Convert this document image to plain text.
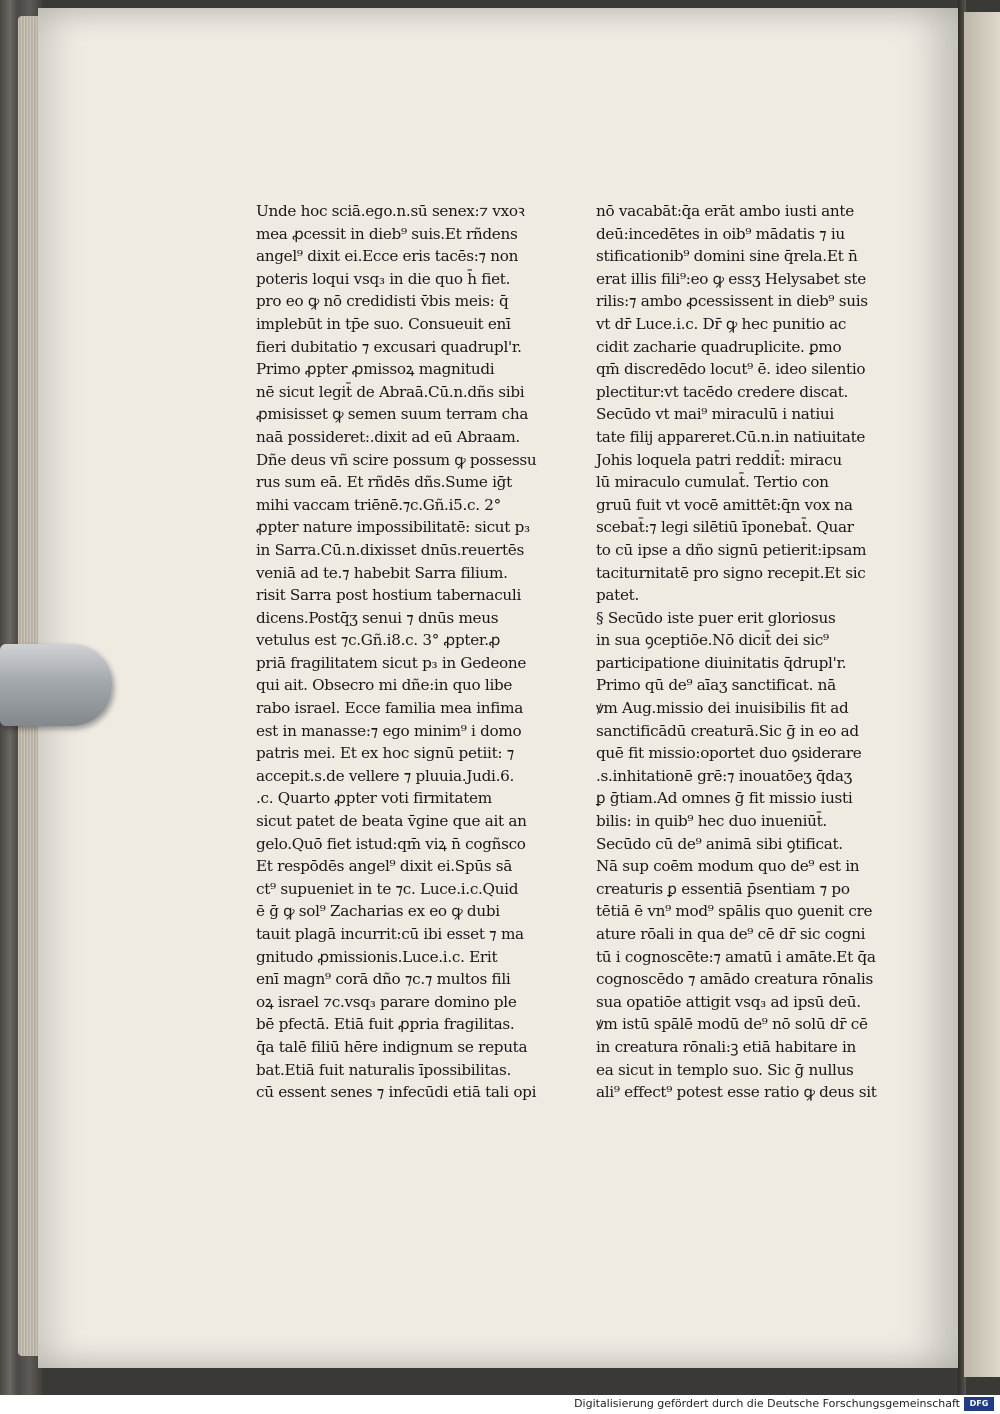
Unde hoc sciā.ego.n.sū senex:⁊ vxoꝛ
mea ꝓcessit in dieb⁹ suis.Et rñdens
angel⁹ dixit ei.Ecce eris tacēs:⁊ non
poteris loqui vsq₃ in die quo h̄ fiet.
pro eo ꝙ nō credidisti v̄bis meis: q̄
implebūt in tp̄e suo. Consueuit enī
fieri dubitatio ⁊ excusari quadrupl'r.
Primo ꝓpter ꝓmissoꝝ magnitudi
nē sicut legit̄ de Abraā.Cū.n.dñs sibi
ꝓmisisset ꝙ semen suum terram cha
naā possideret:.dixit ad eū Abraam.
Dñe deus vñ scire possum ꝙ possessu
rus sum eā. Et rñdēs dñs.Sume iḡt
mihi vaccam triēnē.⁊c.Gñ.i5.c. 2°
ꝓpter nature impossibilitatē: sicut p₃
in Sarra.Cū.n.dixisset dnūs.reuertēs
veniā ad te.⁊ habebit Sarra filium.
risit Sarra post hostium tabernaculi
dicens.Postq̄ʒ senui ⁊ dnūs meus
vetulus est ⁊c.Gñ.i8.c. 3° ꝓpter.ꝓ
priā fragilitatem sicut p₃ in Gedeone
qui ait. Obsecro mi dñe:in quo libe
rabo israel. Ecce familia mea infima
est in manasse:⁊ ego minim⁹ i domo
patris mei. Et ex hoc signū petiit: ⁊
accepit.s.de vellere ⁊ pluuia.Judi.6.
.c. Quarto ꝓpter voti firmitatem
sicut patet de beata v̄gine que ait an
gelo.Quō fiet istud:qm̄ viꝝ n̄ cogñsco
Et respōdēs angel⁹ dixit ei.Spūs sā
ct⁹ supueniet in te ⁊c. Luce.i.c.Quid
ē ḡ ꝙ sol⁹ Zacharias ex eo ꝙ dubi
tauit plagā incurrit:cū ibi esset ⁊ ma
gnitudo ꝓmissionis.Luce.i.c. Erit
enī magn⁹ corā dño ⁊c.⁊ multos fili
oꝝ israel ⁊c.vsq₃ parare domino ple
bē pfectā. Etiā fuit ꝓpria fragilitas.
q̄a talē filiū hēre indignum se reputa
bat.Etiā fuit naturalis īpossibilitas.
cū essent senes ⁊ infecūdi etiā tali opi
nō vacabāt:q̄a erāt ambo iusti ante
deū:incedētes in oib⁹ mādatis ⁊ iu
stificationib⁹ domini sine q̄rela.Et n̄
erat illis fili⁹:eo ꝙ essʒ Helysabet ste
rilis:⁊ ambo ꝓcessissent in dieb⁹ suis
vt dr̄ Luce.i.c. Dr̄ ꝙ hec punitio ac
cidit zacharie quadruplicite. ꝑmo
qm̄ discredēdo locut⁹ ē. ideo silentio
plectitur:vt tacēdo credere discat.
Secūdo vt mai⁹ miraculū i natiui
tate filij appareret.Cū.n.in natiuitate
Johis loquela patri reddit̄: miracu
lū miraculo cumulat̄. Tertio con
gruū fuit vt vocē amittēt:q̄n vox na
scebat̄:⁊ legi silētiū īponebat̄. Quar
to cū ipse a dño signū petierit:ipsam
taciturnitatē pro signo recepit.Et sic
patet.
§ Secūdo iste puer erit gloriosus
in sua ꝯceptiōe.Nō dicit̄ dei sic⁹
participatione diuinitatis q̄drupl'r.
Primo qū de⁹ aīaʒ sanctificat. nā
ꝟm Aug.missio dei inuisibilis fit ad
sanctificādū creaturā.Sic ḡ in eo ad
quē fit missio:oportet duo ꝯsiderare
.s.inhitationē grē:⁊ inouatōeʒ q̄daʒ
ꝑ ḡtiam.Ad omnes ḡ fit missio iusti
bilis: in quib⁹ hec duo inueniūt̄.
Secūdo cū de⁹ animā sibi ꝯtificat.
Nā sup coēm modum quo de⁹ est in
creaturis ꝑ essentiā p̄sentiam ⁊ po
tētiā ē vn⁹ mod⁹ spālis quo ꝯuenit cre
ature rōali in qua de⁹ cē dr̄ sic cogni
tū i cognoscēte:⁊ amatū i amāte.Et q̄a
cognoscēdo ⁊ amādo creatura rōnalis
sua opatiōe attigit vsq₃ ad ipsū deū.
ꝟm istū spālē modū de⁹ nō solū dr̄ cē
in creatura rōnali:ꝫ etiā habitare in
ea sicut in templo suo. Sic ḡ nullus
ali⁹ effect⁹ potest esse ratio ꝙ deus sit
Digitalisierung gefördert durch die Deutsche Forschungsgemeinschaft	DFG
